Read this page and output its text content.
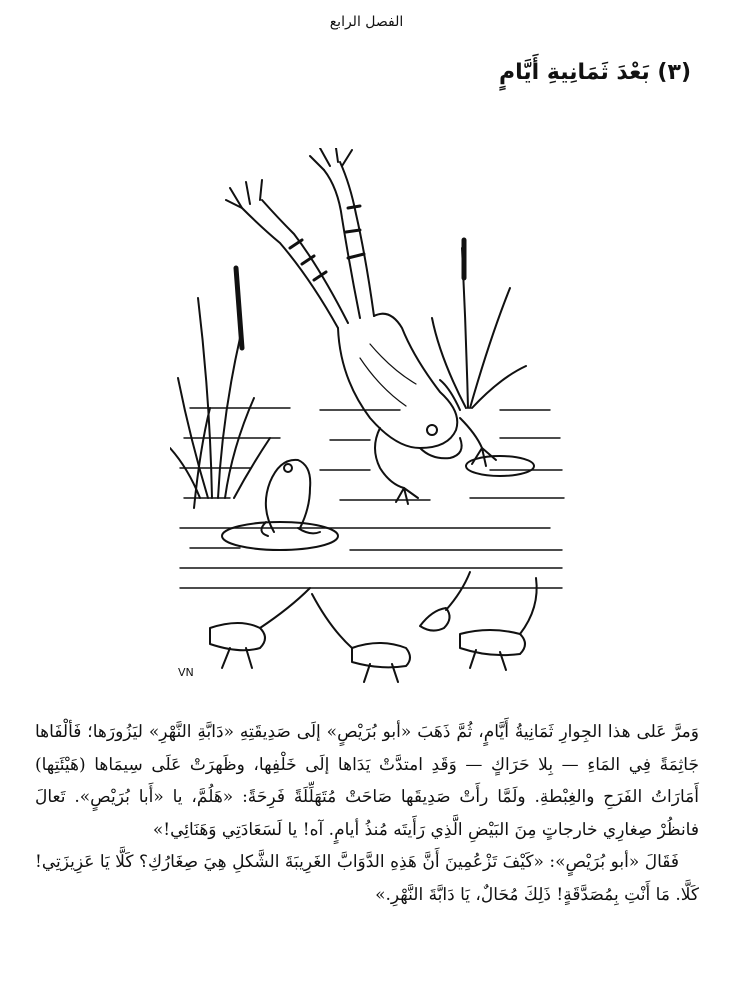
الفصل الرابع
(٣) بَعْدَ ثَمَانِيةِ أَيَّامٍ
VN

وَمرَّ عَلى هذا الجِوارِ ثَمَانِيةُ أَيَّامٍ، ثُمَّ ذَهَبَ «أبو بُرَيْصٍ» إلَى صَدِيقَتِهِ «دَابَّةِ النَّهْرِ» ليَزُورَها؛ فَألْفَاها جَاثِمَةً فِي المَاءِ — بِلا حَرَاكٍ — وَقَدِ امتدَّتْ يَدَاها إلَى خَلْفِها، وظَهرَتْ عَلَى سِيمَاها (هَيْئَتِها) أَمَارَاتُ الفَرَحِ والغِبْطةِ. ولَمَّا رأَتْ صَدِيقَها صَاحَتْ مُتَهَلِّلَةً فَرِحَةً: «هَلُمَّ، يا «أَبا بُرَيْصٍ». تَعالَ فانظُرْ صِغارِي خارجاتٍ مِنَ البَيْضِ الَّذِي رَأَيتَه مُنذُ أيامٍ. آه! يا لَسَعَادَتِي وَهَنَائِي!»

فَقَالَ «أبو بُرَيْصٍ»: «كَيْفَ تَزْعُمِينَ أَنَّ هَذِهِ الدَّوَابَّ الغَرِيبَةَ الشَّكلِ هِيَ صِغَارُكِ؟ كَلَّا يَا عَزِيزَتِي! كَلَّا. مَا أَنْتِ بِمُصَدَّقَةٍ! ذَلِكَ مُحَالٌ، يَا دَابَّةَ النَّهْرِ.»
